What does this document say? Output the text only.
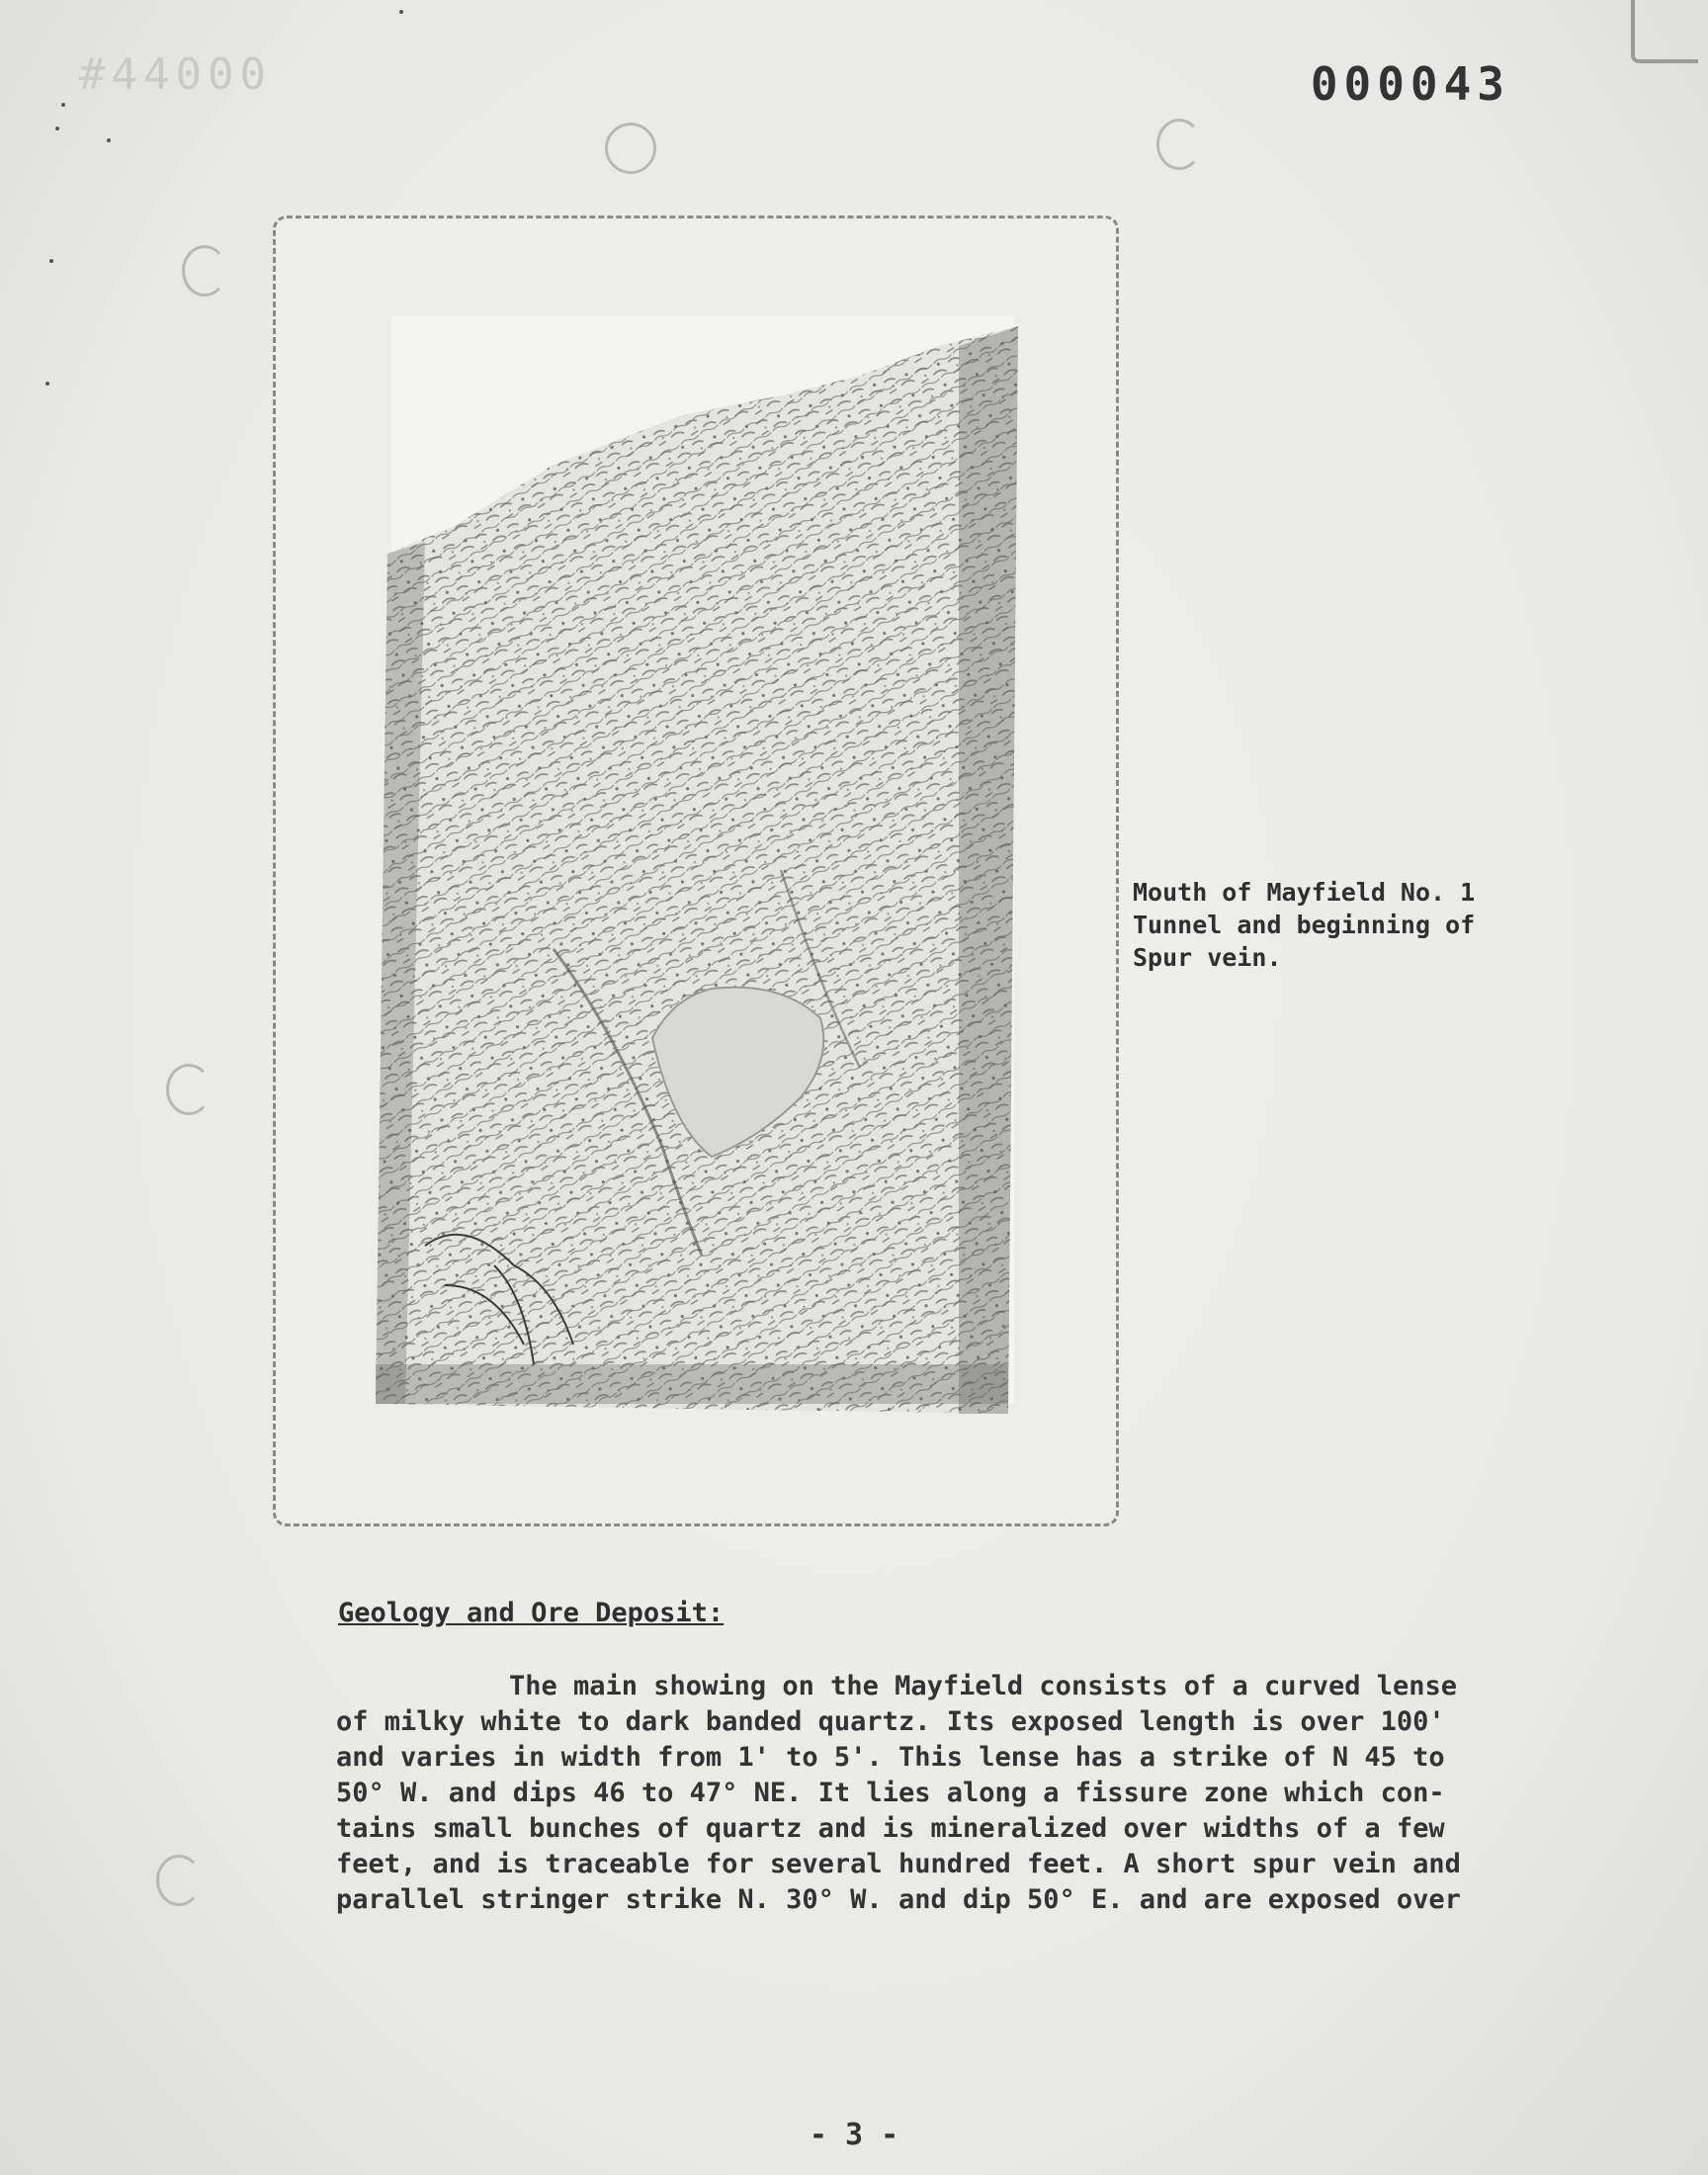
#44000	000043
Mouth of Mayfield No. 1
Tunnel and beginning of
Spur vein.
Geology and Ore Deposit:
The main showing on the Mayfield consists of a curved lense
of milky white to dark banded quartz. Its exposed length is over 100'
and varies in width from 1' to 5'. This lense has a strike of N 45 to
50° W. and dips 46 to 47° NE. It lies along a fissure zone which con-
tains small bunches of quartz and is mineralized over widths of a few
feet, and is traceable for several hundred feet. A short spur vein and
parallel stringer strike N. 30° W. and dip 50° E. and are exposed over
- 3 -
